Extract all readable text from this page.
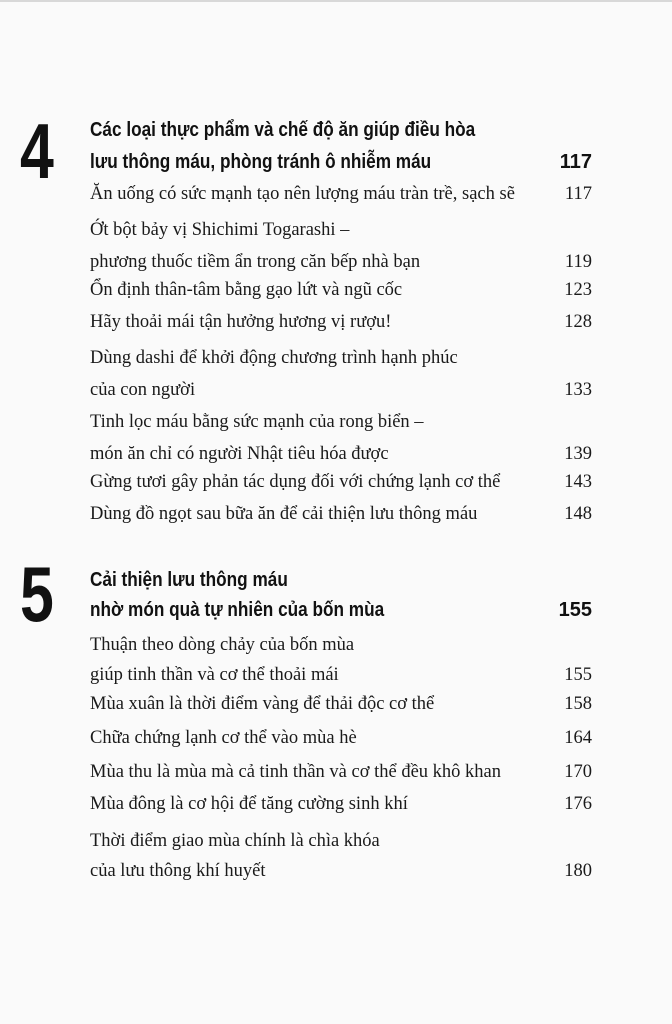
4 Các loại thực phẩm và chế độ ăn giúp điều hòa
lưu thông máu, phòng tránh ô nhiễm máu	117
Ăn uống có sức mạnh tạo nên lượng máu tràn trề, sạch sẽ	117
Ớt bột bảy vị Shichimi Togarashi –
phương thuốc tiềm ẩn trong căn bếp nhà bạn	119
Ổn định thân-tâm bằng gạo lứt và ngũ cốc	123
Hãy thoải mái tận hưởng hương vị rượu!	128
Dùng dashi để khởi động chương trình hạnh phúc
của con người	133
Tinh lọc máu bằng sức mạnh của rong biển –
món ăn chỉ có người Nhật tiêu hóa được	139
Gừng tươi gây phản tác dụng đối với chứng lạnh cơ thể	143
Dùng đồ ngọt sau bữa ăn để cải thiện lưu thông máu	148
5 Cải thiện lưu thông máu
nhờ món quà tự nhiên của bốn mùa	155
Thuận theo dòng chảy của bốn mùa
giúp tinh thần và cơ thể thoải mái	155
Mùa xuân là thời điểm vàng để thải độc cơ thể	158
Chữa chứng lạnh cơ thể vào mùa hè	164
Mùa thu là mùa mà cả tinh thần và cơ thể đều khô khan	170
Mùa đông là cơ hội để tăng cường sinh khí	176
Thời điểm giao mùa chính là chìa khóa
của lưu thông khí huyết	180
